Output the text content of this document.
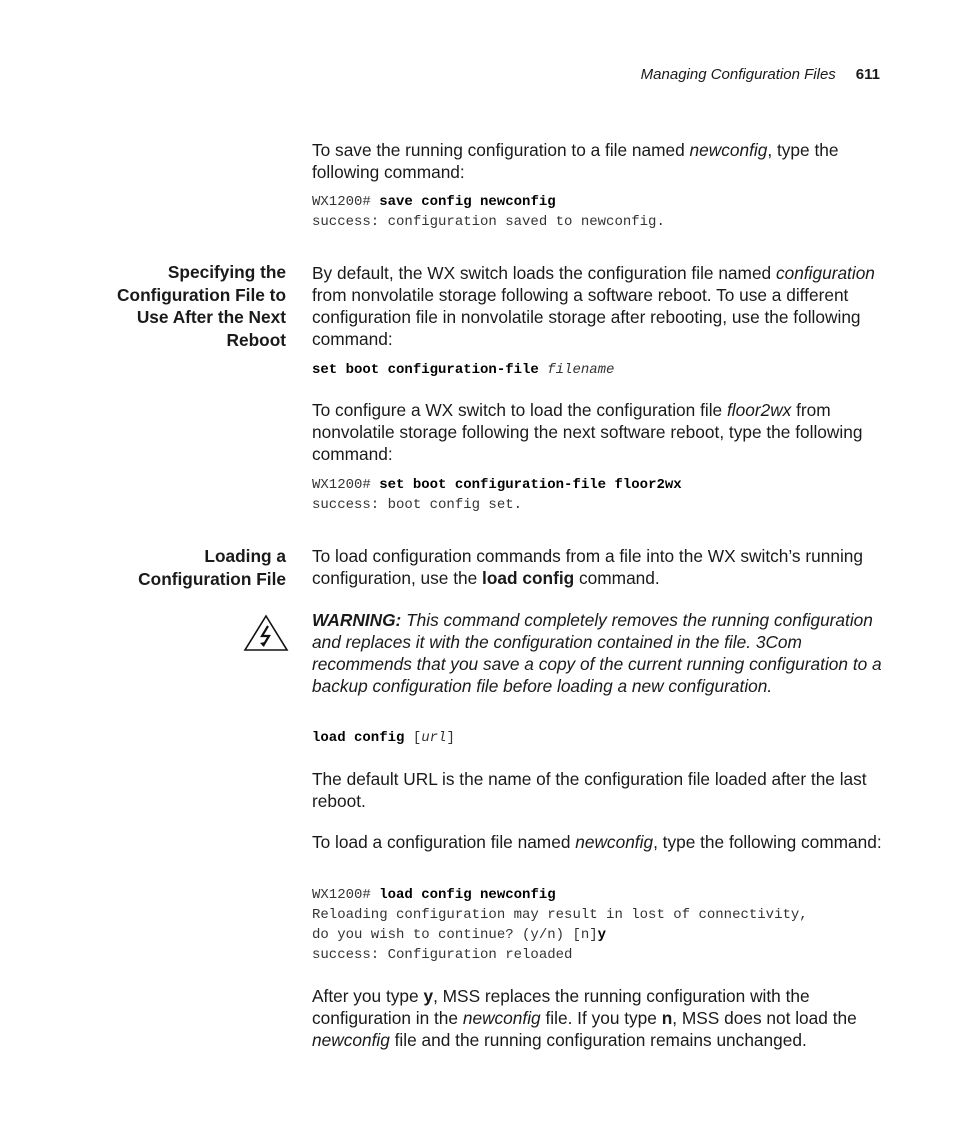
Managing Configuration Files 611

To save the running configuration to a file named newconfig, type the following command:

WX1200# save config newconfig
success: configuration saved to newconfig.
Specifying the
Configuration File to
Use After the Next
Reboot

By default, the WX switch loads the configuration file named configuration from nonvolatile storage following a software reboot. To use a different configuration file in nonvolatile storage after rebooting, use the following command:

set boot configuration-file filename

To configure a WX switch to load the configuration file floor2wx from nonvolatile storage following the next software reboot, type the following command:

WX1200# set boot configuration-file floor2wx
success: boot config set.
Loading a
Configuration File

To load configuration commands from a file into the WX switch’s running configuration, use the load config command.

WARNING: This command completely removes the running configuration and replaces it with the configuration contained in the file. 3Com recommends that you save a copy of the current running configuration to a backup configuration file before loading a new configuration.

load config [url]

The default URL is the name of the configuration file loaded after the last reboot.

To load a configuration file named newconfig, type the following command:

WX1200# load config newconfig
Reloading configuration may result in lost of connectivity,
do you wish to continue? (y/n) [n]y
success: Configuration reloaded

After you type y, MSS replaces the running configuration with the configuration in the newconfig file. If you type n, MSS does not load the newconfig file and the running configuration remains unchanged.
